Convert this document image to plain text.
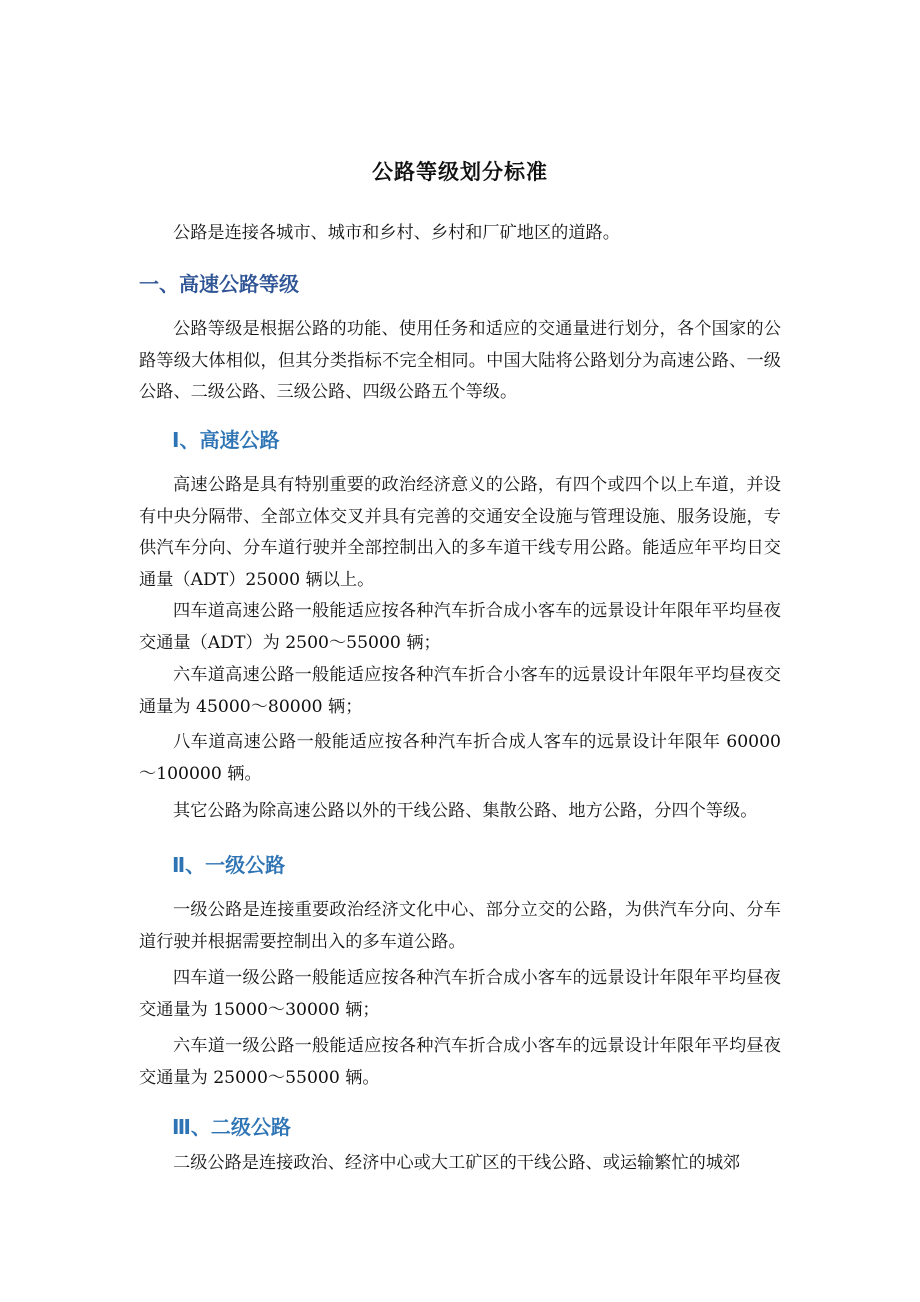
公路等级划分标准

公路是连接各城市、城市和乡村、乡村和厂矿地区的道路。

一、高速公路等级

公路等级是根据公路的功能、使用任务和适应的交通量进行划分，各个国家的公路等级大体相似，但其分类指标不完全相同。中国大陆将公路划分为高速公路、一级公路、二级公路、三级公路、四级公路五个等级。

Ⅰ、高速公路

高速公路是具有特别重要的政治经济意义的公路，有四个或四个以上车道，并设有中央分隔带、全部立体交叉并具有完善的交通安全设施与管理设施、服务设施，专供汽车分向、分车道行驶并全部控制出入的多车道干线专用公路。能适应年平均日交通量（ADT）25000 辆以上。

四车道高速公路一般能适应按各种汽车折合成小客车的远景设计年限年平均昼夜交通量（ADT）为 2500～55000 辆；

六车道高速公路一般能适应按各种汽车折合小客车的远景设计年限年平均昼夜交通量为 45000～80000 辆；

八车道高速公路一般能适应按各种汽车折合成人客车的远景设计年限年 60000～100000 辆。

其它公路为除高速公路以外的干线公路、集散公路、地方公路，分四个等级。

Ⅱ、一级公路

一级公路是连接重要政治经济文化中心、部分立交的公路，为供汽车分向、分车道行驶并根据需要控制出入的多车道公路。

四车道一级公路一般能适应按各种汽车折合成小客车的远景设计年限年平均昼夜交通量为 15000～30000 辆；

六车道一级公路一般能适应按各种汽车折合成小客车的远景设计年限年平均昼夜交通量为 25000～55000 辆。

Ⅲ、二级公路

二级公路是连接政治、经济中心或大工矿区的干线公路、或运输繁忙的城郊
